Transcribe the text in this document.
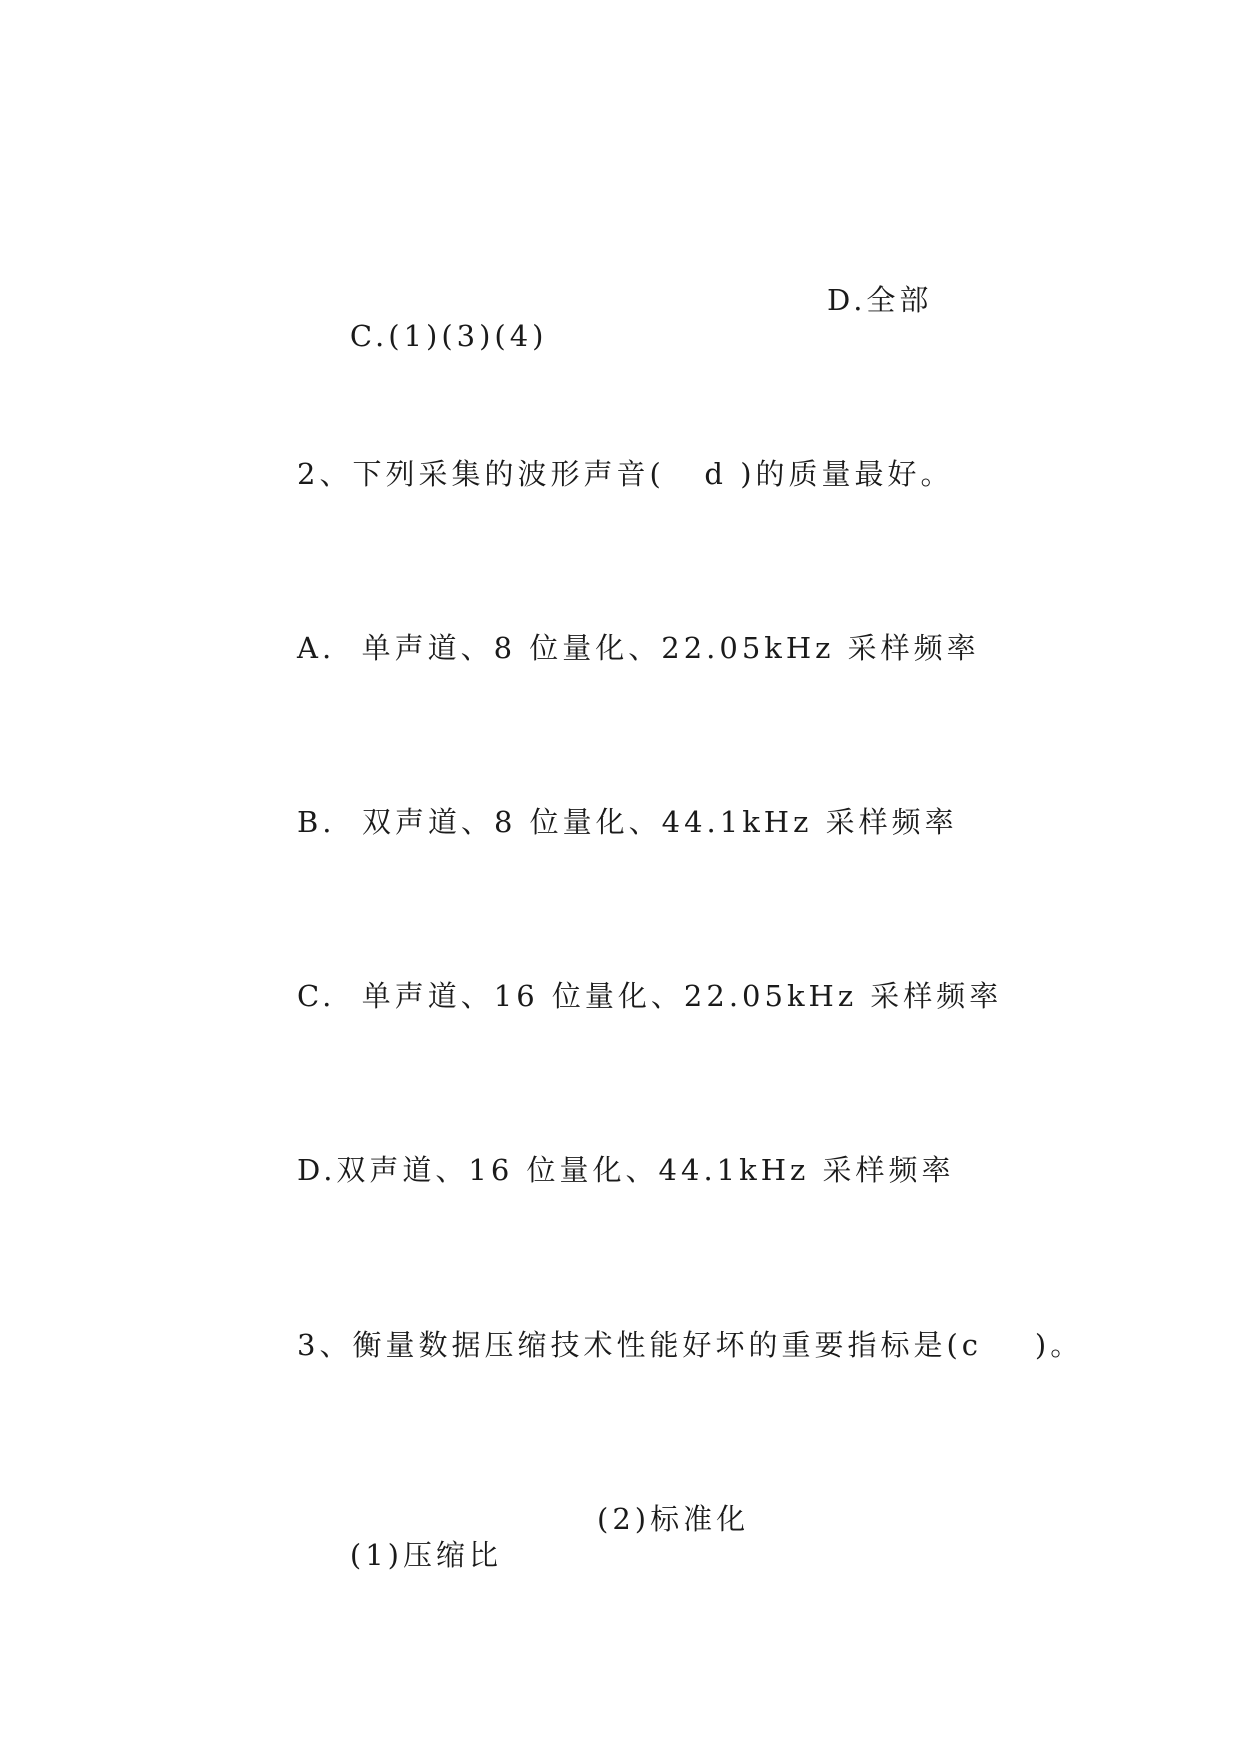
C.(1)(3)(4)

D.全部

2、下列采集的波形声音(   d )的质量最好。
A.  单声道、8 位量化、22.05kHz 采样频率
B.  双声道、8 位量化、44.1kHz 采样频率
C.  单声道、16 位量化、22.05kHz 采样频率
D.双声道、16 位量化、44.1kHz 采样频率
3、衡量数据压缩技术性能好坏的重要指标是(c    )。

(1)压缩比

(2)标准化
